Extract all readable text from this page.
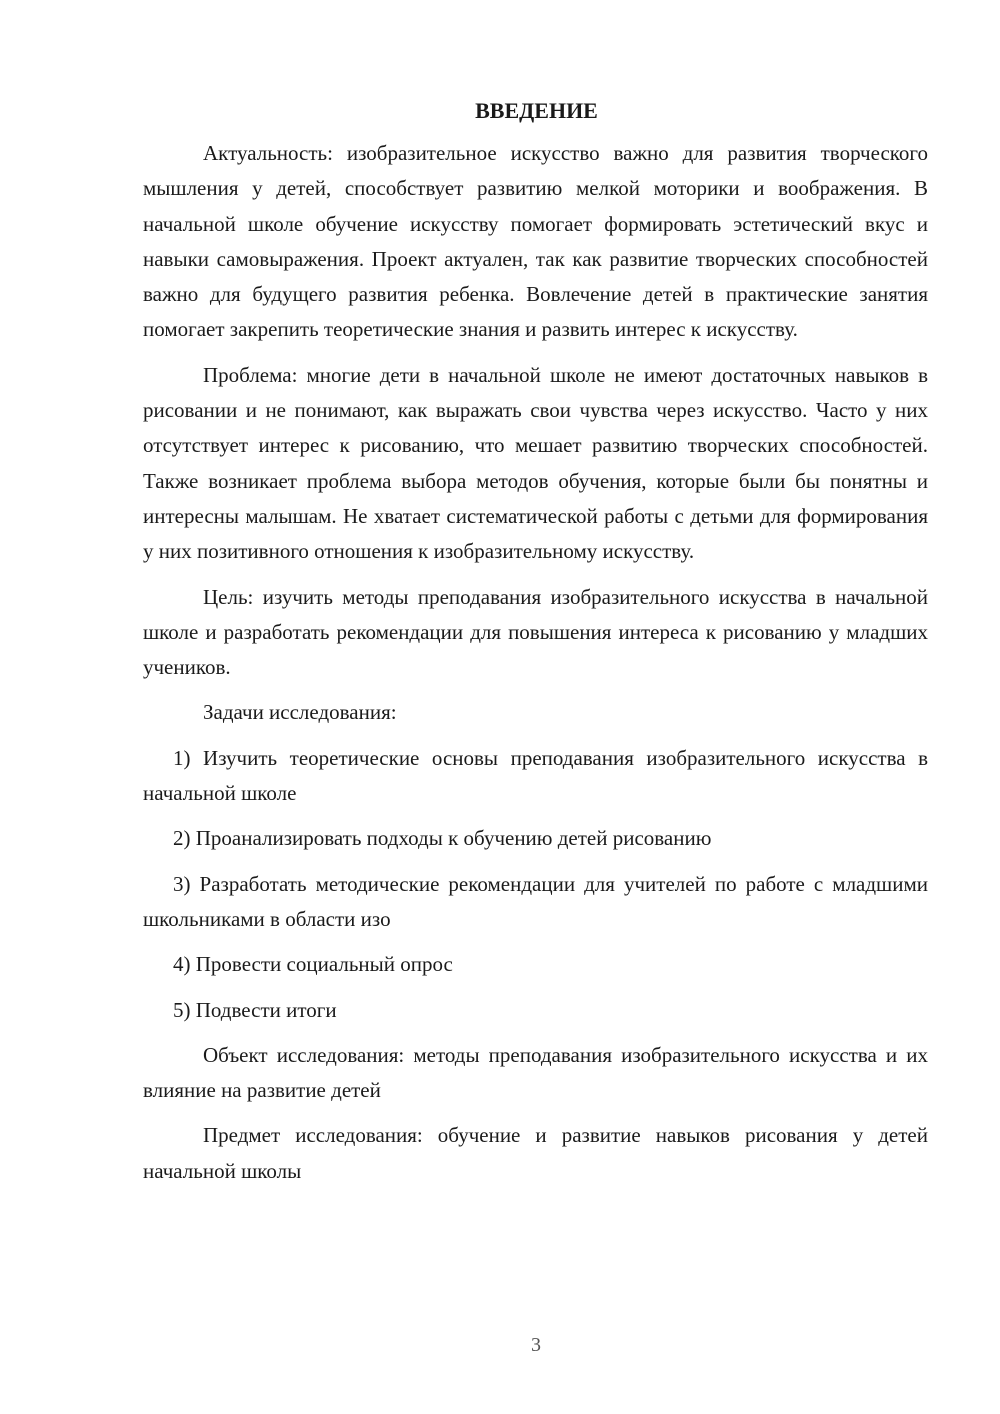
ВВЕДЕНИЕ

Актуальность: изобразительное искусство важно для развития творческого мышления у детей, способствует развитию мелкой моторики и воображения. В начальной школе обучение искусству помогает формировать эстетический вкус и навыки самовыражения. Проект актуален, так как развитие творческих способностей важно для будущего развития ребенка. Вовлечение детей в практические занятия помогает закрепить теоретические знания и развить интерес к искусству.

Проблема: многие дети в начальной школе не имеют достаточных навыков в рисовании и не понимают, как выражать свои чувства через искусство. Часто у них отсутствует интерес к рисованию, что мешает развитию творческих способностей. Также возникает проблема выбора методов обучения, которые были бы понятны и интересны малышам. Не хватает систематической работы с детьми для формирования у них позитивного отношения к изобразительному искусству.

Цель: изучить методы преподавания изобразительного искусства в начальной школе и разработать рекомендации для повышения интереса к рисованию у младших учеников.

Задачи исследования:

1) Изучить теоретические основы преподавания изобразительного искусства в начальной школе

2) Проанализировать подходы к обучению детей рисованию

3) Разработать методические рекомендации для учителей по работе с младшими школьниками в области изо

4) Провести социальный опрос

5) Подвести итоги

Объект исследования: методы преподавания изобразительного искусства и их влияние на развитие детей

Предмет исследования: обучение и развитие навыков рисования у детей начальной школы

3
